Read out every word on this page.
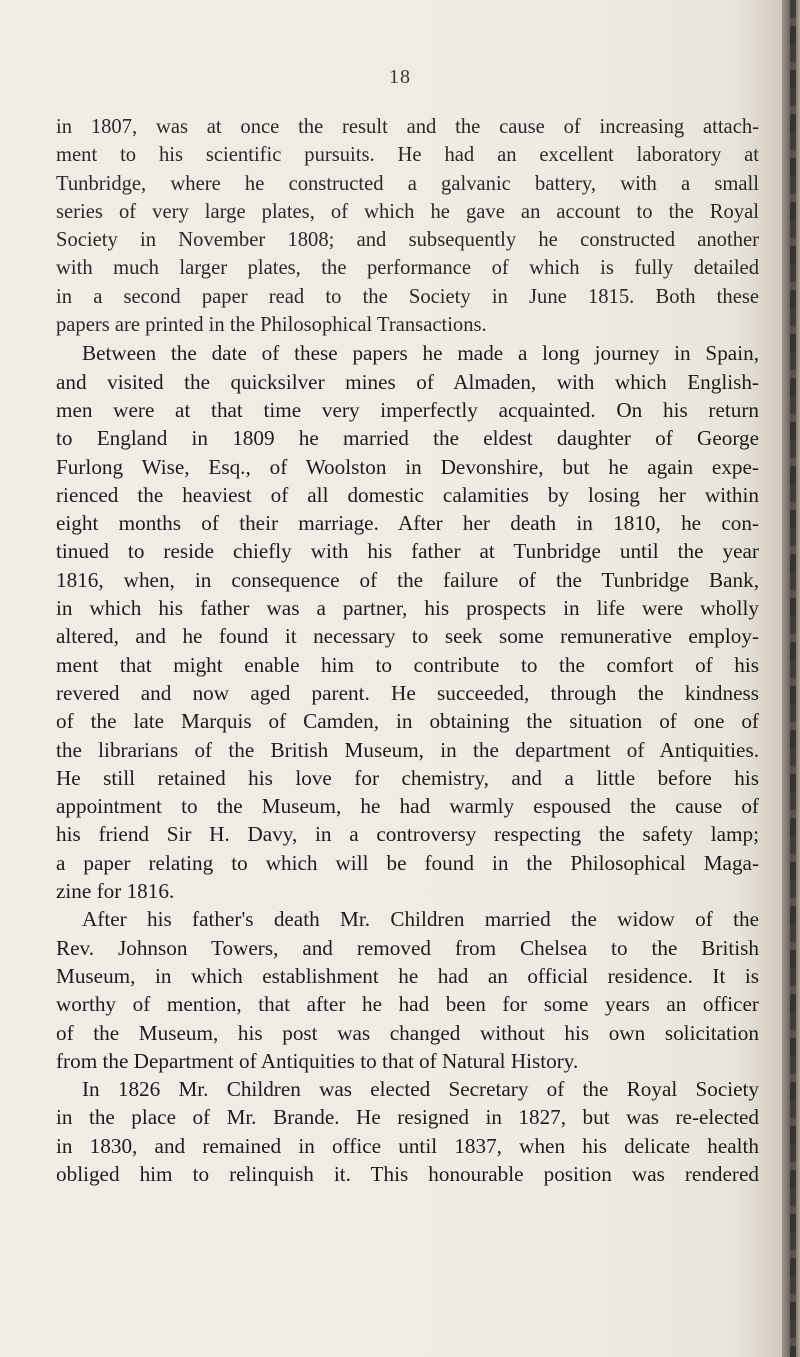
18
in 1807, was at once the result and the cause of increasing attach-
ment to his scientific pursuits. He had an excellent laboratory at
Tunbridge, where he constructed a galvanic battery, with a small
series of very large plates, of which he gave an account to the Royal
Society in November 1808; and subsequently he constructed another
with much larger plates, the performance of which is fully detailed
in a second paper read to the Society in June 1815. Both these
papers are printed in the Philosophical Transactions.
Between the date of these papers he made a long journey in Spain,
and visited the quicksilver mines of Almaden, with which English-
men were at that time very imperfectly acquainted. On his return
to England in 1809 he married the eldest daughter of George
Furlong Wise, Esq., of Woolston in Devonshire, but he again expe-
rienced the heaviest of all domestic calamities by losing her within
eight months of their marriage. After her death in 1810, he con-
tinued to reside chiefly with his father at Tunbridge until the year
1816, when, in consequence of the failure of the Tunbridge Bank,
in which his father was a partner, his prospects in life were wholly
altered, and he found it necessary to seek some remunerative employ-
ment that might enable him to contribute to the comfort of his
revered and now aged parent. He succeeded, through the kindness
of the late Marquis of Camden, in obtaining the situation of one of
the librarians of the British Museum, in the department of Antiquities.
He still retained his love for chemistry, and a little before his
appointment to the Museum, he had warmly espoused the cause of
his friend Sir H. Davy, in a controversy respecting the safety lamp;
a paper relating to which will be found in the Philosophical Maga-
zine for 1816.
After his father's death Mr. Children married the widow of the
Rev. Johnson Towers, and removed from Chelsea to the British
Museum, in which establishment he had an official residence. It is
worthy of mention, that after he had been for some years an officer
of the Museum, his post was changed without his own solicitation
from the Department of Antiquities to that of Natural History.
In 1826 Mr. Children was elected Secretary of the Royal Society
in the place of Mr. Brande. He resigned in 1827, but was re-elected
in 1830, and remained in office until 1837, when his delicate health
obliged him to relinquish it. This honourable position was rendered
